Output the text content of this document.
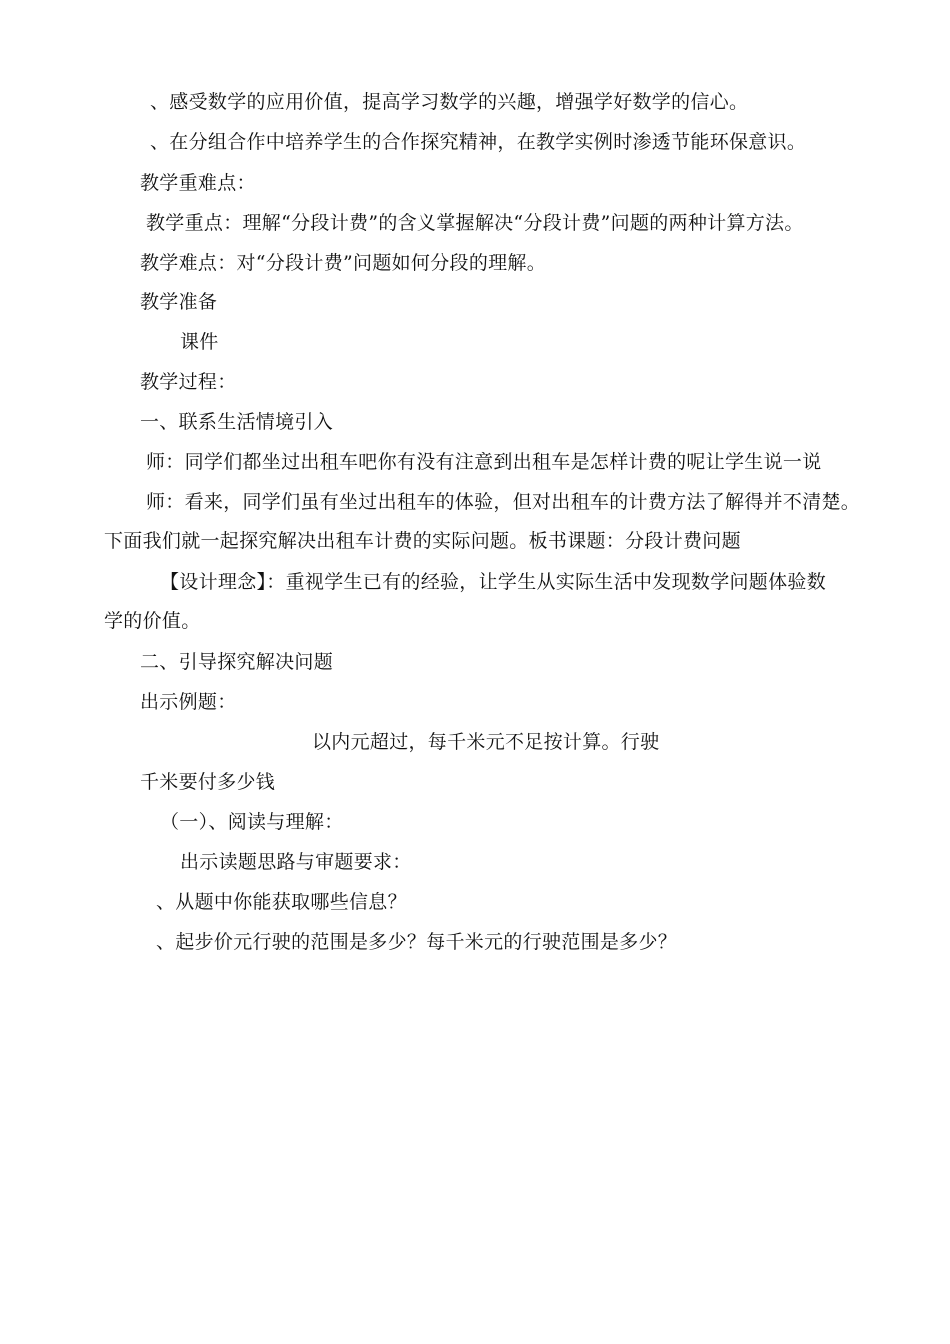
、感受数学的应用价值，提高学习数学的兴趣，增强学好数学的信心。
、在分组合作中培养学生的合作探究精神，在教学实例时渗透节能环保意识。
教学重难点：
教学重点：理解“分段计费”的含义掌握解决“分段计费”问题的两种计算方法。
教学难点：对“分段计费”问题如何分段的理解。
教学准备
课件
教学过程：
一、联系生活情境引入
师：同学们都坐过出租车吧你有没有注意到出租车是怎样计费的呢让学生说一说
师：看来，同学们虽有坐过出租车的体验，但对出租车的计费方法了解得并不清楚。
下面我们就一起探究解决出租车计费的实际问题。板书课题：分段计费问题
【设计理念】：重视学生已有的经验，让学生从实际生活中发现数学问题体验数
学的价值。
二、引导探究解决问题
出示例题：
以内元超过，每千米元不足按计算。行驶
千米要付多少钱
（一）、阅读与理解：
出示读题思路与审题要求：
、从题中你能获取哪些信息？
、起步价元行驶的范围是多少？每千米元的行驶范围是多少？
